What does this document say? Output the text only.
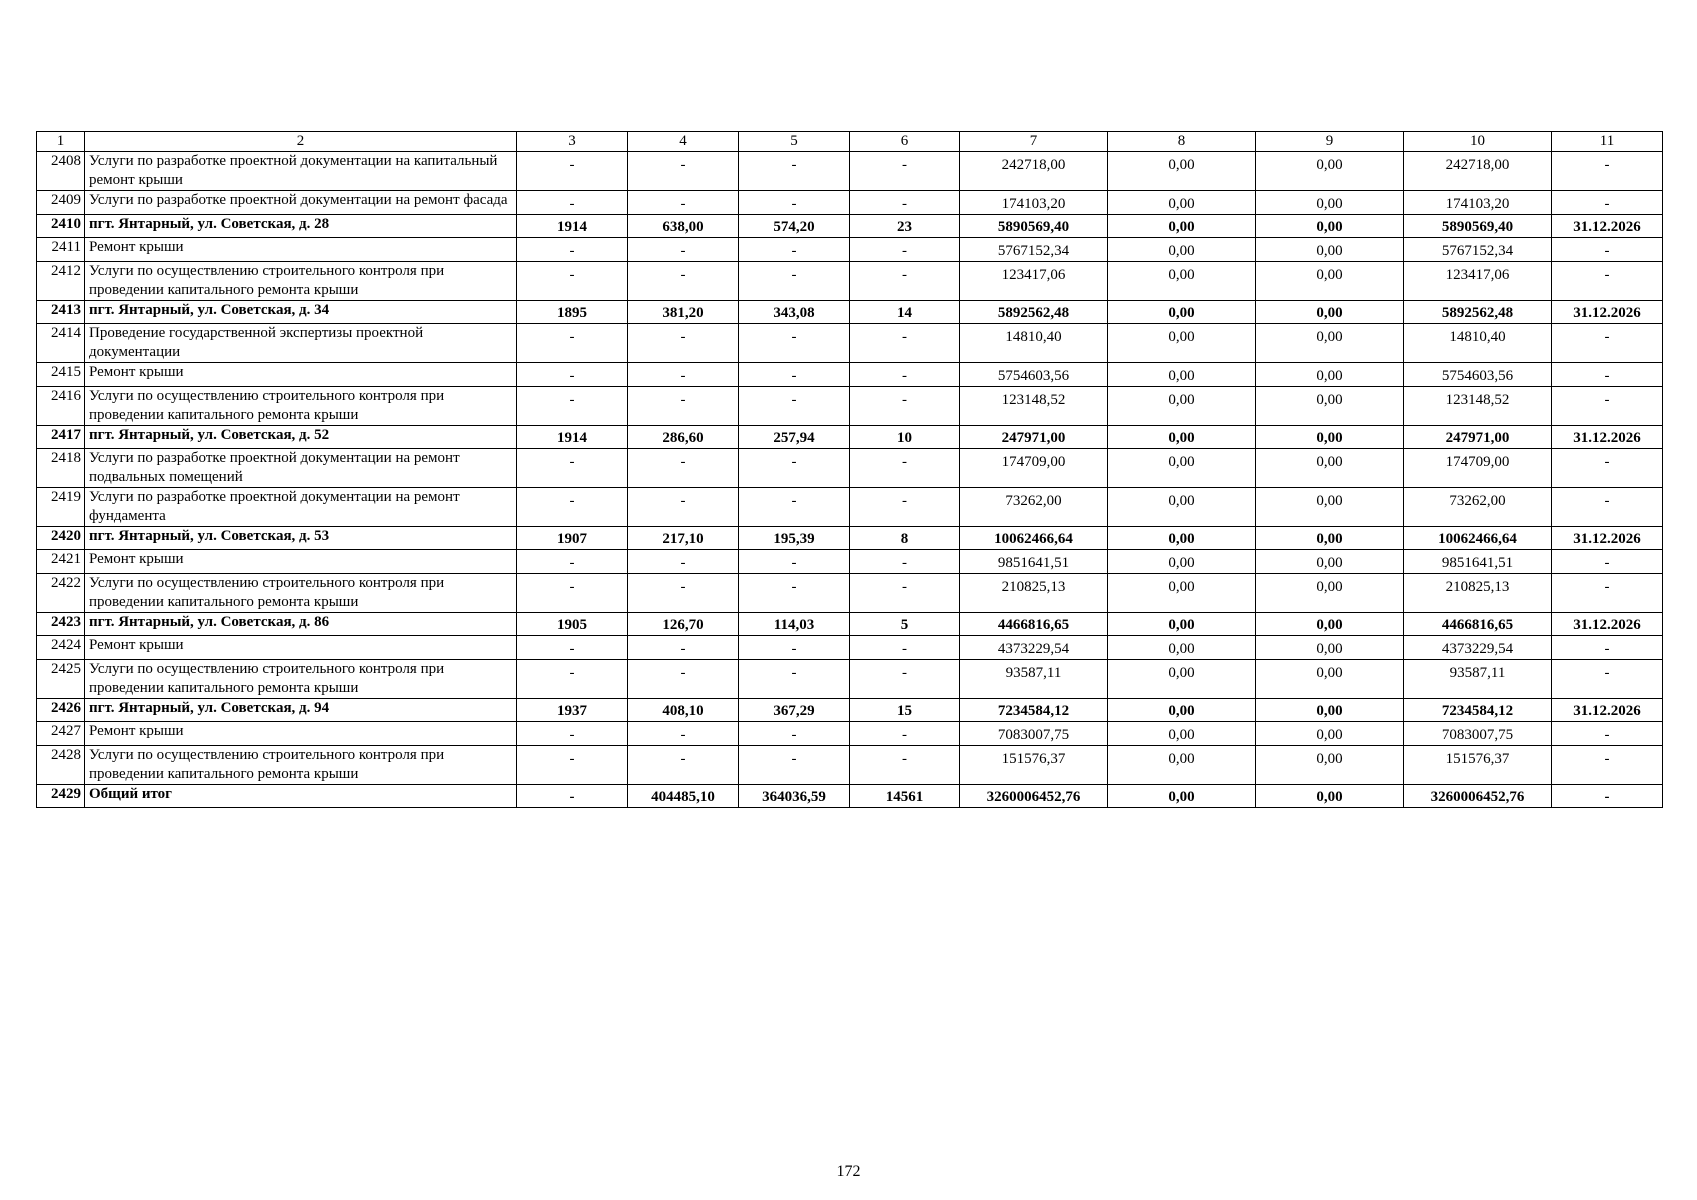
1	2	3	4	5	6	7	8	9	10	11
2408	Услуги по разработке проектной документации на капитальный ремонт крыши	-	-	-	-	242718,00	0,00	0,00	242718,00	-
2409	Услуги по разработке проектной документации на ремонт фасада	-	-	-	-	174103,20	0,00	0,00	174103,20	-
2410	пгт. Янтарный, ул. Советская, д. 28	1914	638,00	574,20	23	5890569,40	0,00	0,00	5890569,40	31.12.2026
2411	Ремонт крыши	-	-	-	-	5767152,34	0,00	0,00	5767152,34	-
2412	Услуги по осуществлению строительного контроля при проведении капитального ремонта крыши	-	-	-	-	123417,06	0,00	0,00	123417,06	-
2413	пгт. Янтарный, ул. Советская, д. 34	1895	381,20	343,08	14	5892562,48	0,00	0,00	5892562,48	31.12.2026
2414	Проведение государственной экспертизы проектной документации	-	-	-	-	14810,40	0,00	0,00	14810,40	-
2415	Ремонт крыши	-	-	-	-	5754603,56	0,00	0,00	5754603,56	-
2416	Услуги по осуществлению строительного контроля при проведении капитального ремонта крыши	-	-	-	-	123148,52	0,00	0,00	123148,52	-
2417	пгт. Янтарный, ул. Советская, д. 52	1914	286,60	257,94	10	247971,00	0,00	0,00	247971,00	31.12.2026
2418	Услуги по разработке проектной документации на ремонт подвальных помещений	-	-	-	-	174709,00	0,00	0,00	174709,00	-
2419	Услуги по разработке проектной документации на ремонт фундамента	-	-	-	-	73262,00	0,00	0,00	73262,00	-
2420	пгт. Янтарный, ул. Советская, д. 53	1907	217,10	195,39	8	10062466,64	0,00	0,00	10062466,64	31.12.2026
2421	Ремонт крыши	-	-	-	-	9851641,51	0,00	0,00	9851641,51	-
2422	Услуги по осуществлению строительного контроля при проведении капитального ремонта крыши	-	-	-	-	210825,13	0,00	0,00	210825,13	-
2423	пгт. Янтарный, ул. Советская, д. 86	1905	126,70	114,03	5	4466816,65	0,00	0,00	4466816,65	31.12.2026
2424	Ремонт крыши	-	-	-	-	4373229,54	0,00	0,00	4373229,54	-
2425	Услуги по осуществлению строительного контроля при проведении капитального ремонта крыши	-	-	-	-	93587,11	0,00	0,00	93587,11	-
2426	пгт. Янтарный, ул. Советская, д. 94	1937	408,10	367,29	15	7234584,12	0,00	0,00	7234584,12	31.12.2026
2427	Ремонт крыши	-	-	-	-	7083007,75	0,00	0,00	7083007,75	-
2428	Услуги по осуществлению строительного контроля при проведении капитального ремонта крыши	-	-	-	-	151576,37	0,00	0,00	151576,37	-
2429	Общий итог	-	404485,10	364036,59	14561	3260006452,76	0,00	0,00	3260006452,76	-
172
